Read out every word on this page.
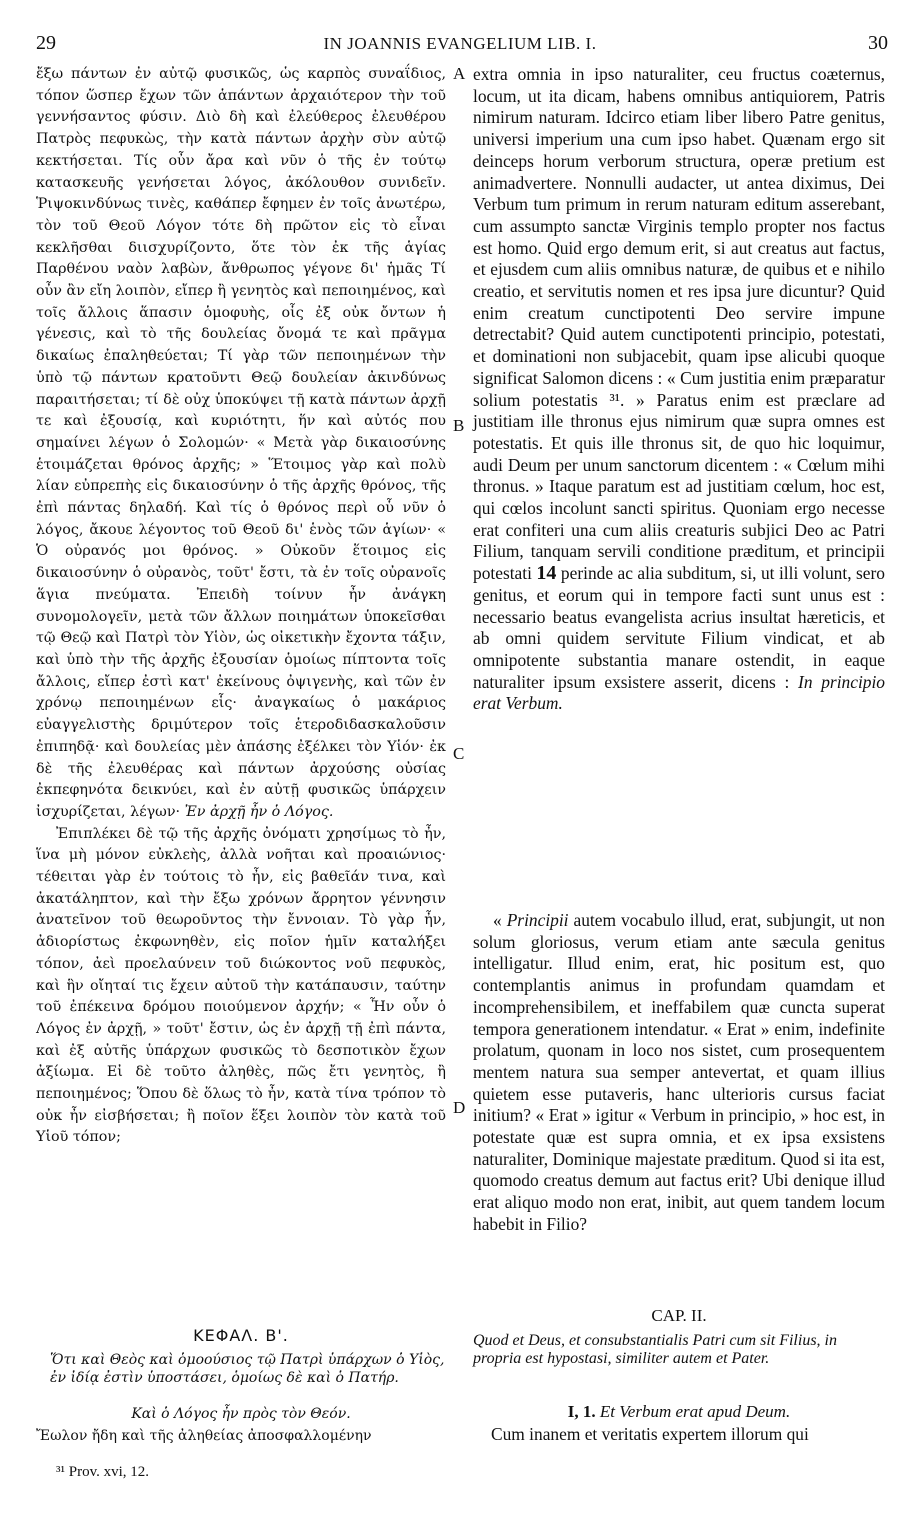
29	IN JOANNIS EVANGELIUM LIB. I.	30

ἔξω πάντων ἐν αὐτῷ φυσικῶς, ὡς καρπὸς συναΐδιος, τόπον ὥσπερ ἔχων τῶν ἁπάντων ἀρχαιότερον τὴν τοῦ γεννήσαντος φύσιν. Διὸ δὴ καὶ ἐλεύθερος ἐλευθέρου Πατρὸς πεφυκὼς, τὴν κατὰ πάντων ἀρχὴν σὺν αὐτῷ κεκτήσεται. Τίς οὖν ἄρα καὶ νῦν ὁ τῆς ἐν τούτῳ κατασκευῆς γενήσεται λόγος, ἀκόλουθον συνιδεῖν. Ῥιψοκινδύνως τινὲς, καθάπερ ἔφημεν ἐν τοῖς ἀνωτέρω, τὸν τοῦ Θεοῦ Λόγον τότε δὴ πρῶτον εἰς τὸ εἶναι κεκλῆσθαι διισχυρίζοντο, ὅτε τὸν ἐκ τῆς ἁγίας Παρθένου ναὸν λαβὼν, ἄνθρωπος γέγονε δι' ἡμᾶς Τί οὖν ἂν εἴη λοιπὸν, εἴπερ ἢ γενητὸς καὶ πεποιημένος, καὶ τοῖς ἄλλοις ἅπασιν ὁμοφυὴς, οἷς ἐξ οὐκ ὄντων ἡ γένεσις, καὶ τὸ τῆς δουλείας ὄνομά τε καὶ πρᾶγμα δικαίως ἐπαληθεύεται; Τί γὰρ τῶν πεποιημένων τὴν ὑπὸ τῷ πάντων κρατοῦντι Θεῷ δουλείαν ἀκινδύνως παραιτήσεται; τί δὲ οὐχ ὑποκύψει τῇ κατὰ πάντων ἀρχῇ τε καὶ ἐξουσίᾳ, καὶ κυριότητι, ἥν καὶ αὐτός που σημαίνει λέγων ὁ Σολομών· « Μετὰ γὰρ δικαιοσύνης ἑτοιμάζεται θρόνος ἀρχῆς; » Ἕτοιμος γὰρ καὶ πολὺ λίαν εὐπρεπὴς εἰς δικαιοσύνην ὁ τῆς ἀρχῆς θρόνος, τῆς ἐπὶ πάντας δηλαδή. Καὶ τίς ὁ θρόνος περὶ οὗ νῦν ὁ λόγος, ἄκουε λέγοντος τοῦ Θεοῦ δι' ἑνὸς τῶν ἁγίων· « Ὁ οὐρανός μοι θρόνος. » Οὐκοῦν ἕτοιμος εἰς δικαιοσύνην ὁ οὐρανὸς, τοῦτ' ἔστι, τὰ ἐν τοῖς οὐρανοῖς ἅγια πνεύματα. Ἐπειδὴ τοίνυν ἦν ἀνάγκη συνομολογεῖν, μετὰ τῶν ἄλλων ποιημάτων ὑποκεῖσθαι τῷ Θεῷ καὶ Πατρὶ τὸν Υἱὸν, ὡς οἰκετικὴν ἔχοντα τάξιν, καὶ ὑπὸ τὴν τῆς ἀρχῆς ἐξουσίαν ὁμοίως πίπτοντα τοῖς ἄλλοις, εἴπερ ἐστὶ κατ' ἐκείνους ὀψιγενὴς, καὶ τῶν ἐν χρόνῳ πεποιημένων εἷς· ἀναγκαίως ὁ μακάριος εὐαγγελιστὴς δριμύτερον τοῖς ἑτεροδιδασκαλοῦσιν ἐπιπηδᾷ· καὶ δουλείας μὲν ἁπάσης ἐξέλκει τὸν Υἱόν· ἐκ δὲ τῆς ἐλευθέρας καὶ πάντων ἀρχούσης οὐσίας ἐκπεφηνότα δεικνύει, καὶ ἐν αὐτῇ φυσικῶς ὑπάρχειν ἰσχυρίζεται, λέγων· Ἐν ἀρχῇ ἦν ὁ Λόγος.

Ἐπιπλέκει δὲ τῷ τῆς ἀρχῆς ὀνόματι χρησίμως τὸ ἦν, ἵνα μὴ μόνον εὐκλεὴς, ἀλλὰ νοῆται καὶ προαιώνιος· τέθειται γὰρ ἐν τούτοις τὸ ἦν, εἰς βαθεῖάν τινα, καὶ ἀκατάληπτον, καὶ τὴν ἔξω χρόνων ἄρρητον γέννησιν ἀνατεῖνον τοῦ θεωροῦντος τὴν ἔννοιαν. Τὸ γὰρ ἦν, ἀδιορίστως ἐκφωνηθὲν, εἰς ποῖον ἡμῖν καταλήξει τόπον, ἀεὶ προελαύνειν τοῦ διώκοντος νοῦ πεφυκὸς, καὶ ἣν οἴηταί τις ἔχειν αὐτοῦ τὴν κατάπαυσιν, ταύτην τοῦ ἐπέκεινα δρόμου ποιούμενον ἀρχήν; « Ἦν οὖν ὁ Λόγος ἐν ἀρχῇ, » τοῦτ' ἔστιν, ὡς ἐν ἀρχῇ τῇ ἐπὶ πάντα, καὶ ἐξ αὐτῆς ὑπάρχων φυσικῶς τὸ δεσποτικὸν ἔχων ἀξίωμα. Εἰ δὲ τοῦτο ἀληθὲς, πῶς ἔτι γενητὸς, ἢ πεποιημένος; Ὅπου δὲ ὅλως τὸ ἦν, κατὰ τίνα τρόπον τὸ οὐκ ἦν εἰσβήσεται; ἢ ποῖον ἕξει λοιπὸν τὸν κατὰ τοῦ Υἱοῦ τόπον;

ΚΕΦΑΛ. Β'.
Ὅτι καὶ Θεὸς καὶ ὁμοούσιος τῷ Πατρὶ ὑπάρχων ὁ Υἱὸς, ἐν ἰδίᾳ ἐστὶν ὑποστάσει, ὁμοίως δὲ καὶ ὁ Πατήρ.
Καὶ ὁ Λόγος ἦν πρὸς τὸν Θεόν.
Ἔωλον ἤδη καὶ τῆς ἀληθείας ἀποσφαλλομένην
³¹ Prov. xvi, 12.
A
B
C
D

extra omnia in ipso naturaliter, ceu fructus coæternus, locum, ut ita dicam, habens omnibus antiquiorem, Patris nimirum naturam. Idcirco etiam liber libero Patre genitus, universi imperium una cum ipso habet. Quænam ergo sit deinceps horum verborum structura, operæ pretium est animadvertere. Nonnulli audacter, ut antea diximus, Dei Verbum tum primum in rerum naturam editum asserebant, cum assumpto sanctæ Virginis templo propter nos factus est homo. Quid ergo demum erit, si aut creatus aut factus, et ejusdem cum aliis omnibus naturæ, de quibus et e nihilo creatio, et servitutis nomen et res ipsa jure dicuntur? Quid enim creatum cunctipotenti Deo servire impune detrectabit? Quid autem cunctipotenti principio, potestati, et dominationi non subjacebit, quam ipse alicubi quoque significat Salomon dicens : « Cum justitia enim præparatur solium potestatis ³¹. » Paratus enim est præclare ad justitiam ille thronus ejus nimirum quæ supra omnes est potestatis. Et quis ille thronus sit, de quo hic loquimur, audi Deum per unum sanctorum dicentem : « Cœlum mihi thronus. » Itaque paratum est ad justitiam cœlum, hoc est, qui cœlos incolunt sancti spiritus. Quoniam ergo necesse erat confiteri una cum aliis creaturis subjici Deo ac Patri Filium, tanquam servili conditione præditum, et principii potestati 14 perinde ac alia subditum, si, ut illi volunt, sero genitus, et eorum qui in tempore facti sunt unus est : necessario beatus evangelista acrius insultat hæreticis, et ab omni quidem servitute Filium vindicat, et ab omnipotente substantia manare ostendit, in eaque naturaliter ipsum exsistere asserit, dicens : In principio erat Verbum.

« Principii autem vocabulo illud, erat, subjungit, ut non solum gloriosus, verum etiam ante sæcula genitus intelligatur. Illud enim, erat, hic positum est, quo contemplantis animus in profundam quamdam et incomprehensibilem, et ineffabilem quæ cuncta superat tempora generationem intendatur. « Erat » enim, indefinite prolatum, quonam in loco nos sistet, cum prosequentem mentem natura sua semper antevertat, et quam illius quietem esse putaveris, hanc ulterioris cursus faciat initium? « Erat » igitur « Verbum in principio, » hoc est, in potestate quæ est supra omnia, et ex ipsa exsistens naturaliter, Dominique majestate præditum. Quod si ita est, quomodo creatus demum aut factus erit? Ubi denique illud erat aliquo modo non erat, inibit, aut quem tandem locum habebit in Filio?

CAP. II.
Quod et Deus, et consubstantialis Patri cum sit Filius, in propria est hypostasi, similiter autem et Pater.
I, 1. Et Verbum erat apud Deum.
Cum inanem et veritatis expertem illorum qui
